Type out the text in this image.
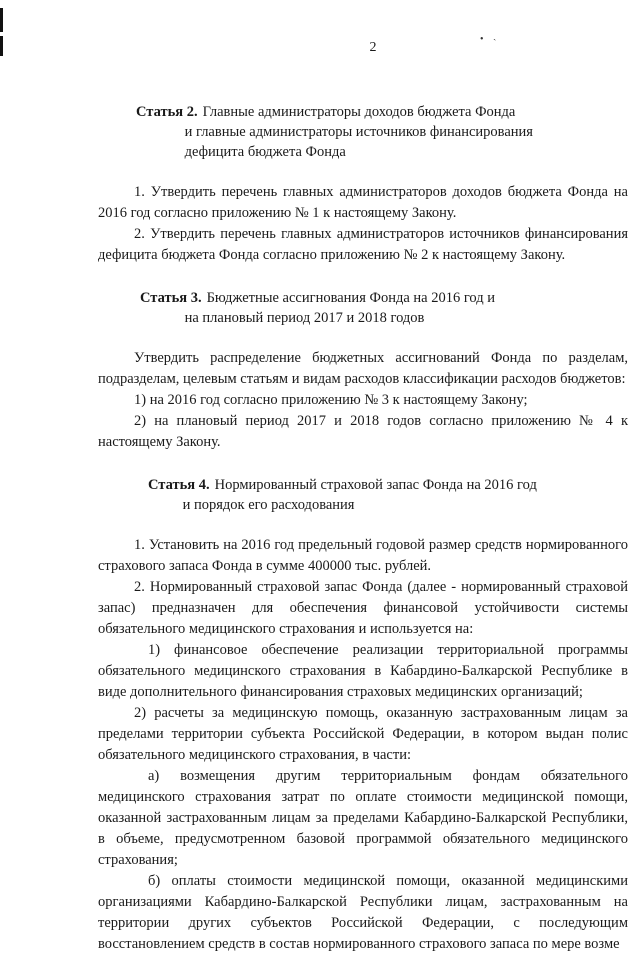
• ˎ
2
Статья 2. Главные администраторы доходов бюджета Фонда
и главные администраторы источников финансирования
дефицита бюджета Фонда

1. Утвердить перечень главных администраторов доходов бюджета Фонда на 2016 год согласно приложению № 1 к настоящему Закону.

2. Утвердить перечень главных администраторов источников финансирования дефицита бюджета Фонда согласно приложению № 2 к настоящему Закону.

Статья 3. Бюджетные ассигнования Фонда на 2016 год и
на плановый период 2017 и 2018 годов

Утвердить распределение бюджетных ассигнований Фонда по разделам, подразделам, целевым статьям и видам расходов классификации расходов бюджетов:

1) на 2016 год согласно приложению № 3 к настоящему Закону;

2) на плановый период 2017 и 2018 годов согласно приложению № 4 к настоящему Закону.

Статья 4. Нормированный страховой запас Фонда на 2016 год
и порядок его расходования

1. Установить на 2016 год предельный годовой размер средств нормированного страхового запаса Фонда в сумме 400000 тыс. рублей.

2. Нормированный страховой запас Фонда (далее - нормированный страховой запас) предназначен для обеспечения финансовой устойчивости системы обязательного медицинского страхования и используется на:

1) финансовое обеспечение реализации территориальной программы обязательного медицинского страхования в Кабардино-Балкарской Республике в виде дополнительного финансирования страховых медицинских организаций;

2) расчеты за медицинскую помощь, оказанную застрахованным лицам за пределами территории субъекта Российской Федерации, в котором выдан полис обязательного медицинского страхования, в части:

а) возмещения другим территориальным фондам обязательного медицинского страхования затрат по оплате стоимости медицинской помощи, оказанной застрахованным лицам за пределами Кабардино-Балкарской Республики, в объеме, предусмотренном базовой программой обязательного медицинского страхования;

б) оплаты стоимости медицинской помощи, оказанной медицинскими организациями Кабардино-Балкарской Республики лицам, застрахованным на территории других субъектов Российской Федерации, с последующим восстановлением средств в состав нормированного страхового запаса по мере возме
